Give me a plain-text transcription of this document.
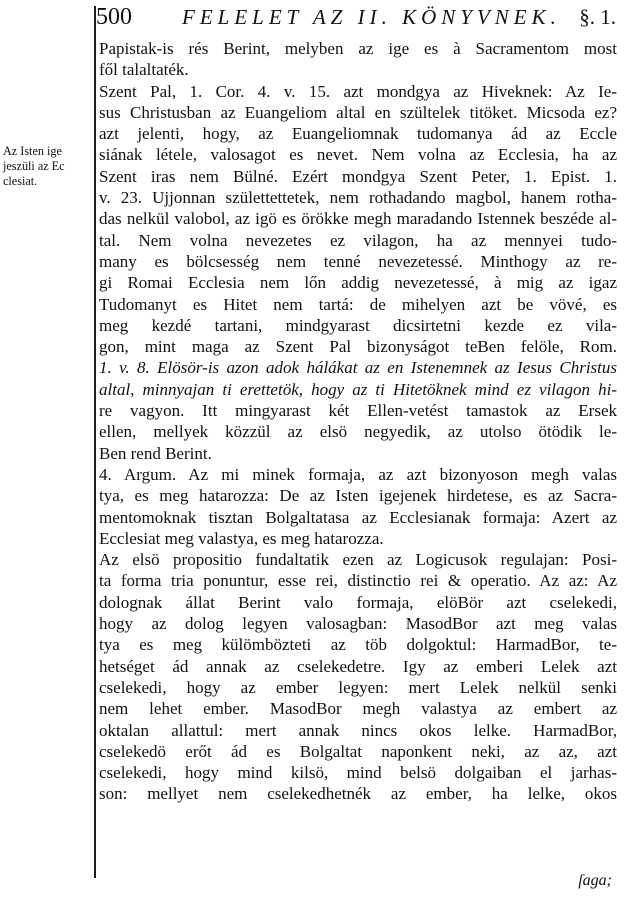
500	FELELET AZ II. KÖNYVNEK. §. 1.
Az Isten ige
jeszüli az Ec
clesiat.
Papistak-is rés Berint, melyben az ige es à Sacramentom most
fől talaltaték.
Szent Pal, 1. Cor. 4. v. 15. azt mondgya az Hiveknek: Az Ie-
sus Christusban az Euangeliom altal en szültelek titöket. Micsoda ez?
azt jelenti, hogy, az Euangeliomnak tudomanya ád az Eccle
siának létele, valosagot es nevet. Nem volna az Ecclesia, ha az
Szent iras nem Bülné. Ezért mondgya Szent Peter, 1. Epist. 1.
v. 23. Ujjonnan születtettetek, nem rothadando magbol, hanem rotha-
das nelkül valobol, az igö es örökke megh maradando Istennek beszéde al-
tal. Nem volna nevezetes ez vilagon, ha az mennyei tudo-
many es bölcsesség nem tenné nevezetessé. Minthogy az re-
gi Romai Ecclesia nem lőn addig nevezetessé, à mig az igaz
Tudomanyt es Hitet nem tartá: de mihelyen azt be vövé, es
meg kezdé tartani, mindgyarast dicsirtetni kezde ez vila-
gon, mint maga az Szent Pal bizonyságot teBen felöle, Rom.
1. v. 8. Elösör-is azon adok hálákat az en Istenemnek az Iesus Christus
altal, minnyajan ti erettetök, hogy az ti Hitetöknek mind ez vilagon hi-
re vagyon. Itt mingyarast két Ellen-vetést tamastok az Ersek
ellen, mellyek közzül az elsö negyedik, az utolso ötödik le-
Ben rend Berint.
4. Argum. Az mi minek formaja, az azt bizonyoson megh valas
tya, es meg hatarozza: De az Isten igejenek hirdetese, es az Sacra-
mentomoknak tisztan Bolgaltatasa az Ecclesianak formaja: Azert az
Ecclesiat meg valastya, es meg hatarozza.
Az elsö propositio fundaltatik ezen az Logicusok regulajan: Posi-
ta forma tria ponuntur, esse rei, distinctio rei & operatio. Az az: Az
dolognak állat Berint valo formaja, elöBör azt cselekedi,
hogy az dolog legyen valosagban: MasodBor azt meg valas
tya es meg külömbözteti az töb dolgoktul: HarmadBor, te-
hetséget ád annak az cselekedetre. Igy az emberi Lelek azt
cselekedi, hogy az ember legyen: mert Lelek nelkül senki
nem lehet ember. MasodBor megh valastya az embert az
oktalan allattul: mert annak nincs okos lelke. HarmadBor,
cselekedö erőt ád es Bolgaltat naponkent neki, az az, azt
cselekedi, hogy mind kilsö, mind belsö dolgaiban el jarhas-
son: mellyet nem cselekedhetnék az ember, ha lelke, okos
ſaga;
